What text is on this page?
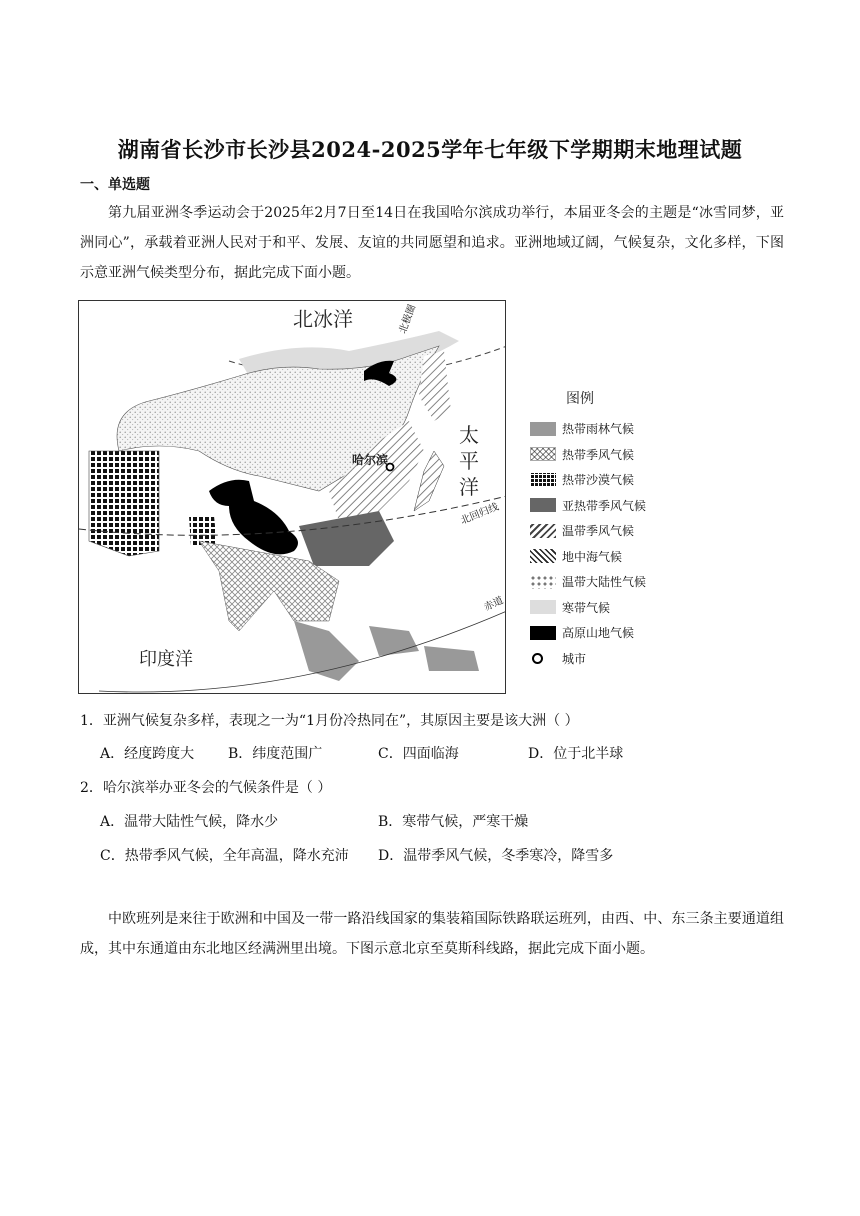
湖南省长沙市长沙县2024-2025学年七年级下学期期末地理试题
一、单选题
第九届亚洲冬季运动会于2025年2月7日至14日在我国哈尔滨成功举行，本届亚冬会的主题是“冰雪同梦，亚洲同心”，承载着亚洲人民对于和平、发展、友谊的共同愿望和追求。亚洲地域辽阔，气候复杂，文化多样，下图示意亚洲气候类型分布，据此完成下面小题。
北冰洋	北极圈
太
平
洋
北回归线
赤道
印度洋
哈尔滨
图例
热带雨林气候
热带季风气候
热带沙漠气候
亚热带季风气候
温带季风气候
地中海气候
温带大陆性气候
寒带气候
高原山地气候
城市
1．亚洲气候复杂多样，表现之一为“1月份冷热同在”，其原因主要是该大洲（ ）
A．经度跨度大 B．纬度范围广	C．四面临海	D．位于北半球
2．哈尔滨举办亚冬会的气候条件是（ ）
A．温带大陆性气候，降水少	B．寒带气候，严寒干燥
C．热带季风气候，全年高温，降水充沛 D．温带季风气候，冬季寒冷，降雪多
中欧班列是来往于欧洲和中国及一带一路沿线国家的集装箱国际铁路联运班列，由西、中、东三条主要通道组成，其中东通道由东北地区经满洲里出境。下图示意北京至莫斯科线路，据此完成下面小题。
